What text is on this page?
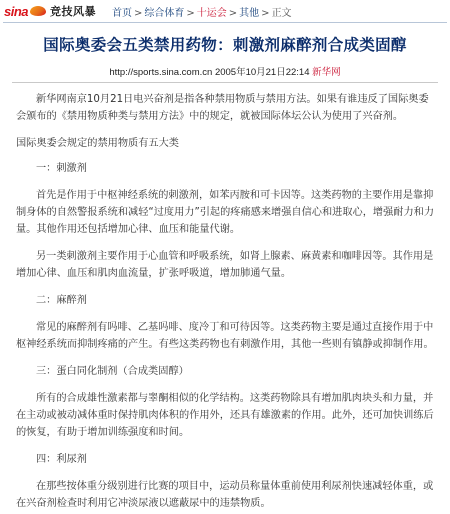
sina 竞技风暴 首页 > 综合体育 > 十运会 > 其他 > 正文
国际奥委会五类禁用药物：刺激剂麻醉剂合成类固醇
http://sports.sina.com.cn 2005年10月21日22:14 新华网

新华网南京10月21日电兴奋剂是指各种禁用物质与禁用方法。如果有谁违反了国际奥委会颁布的《禁用物质种类与禁用方法》中的规定，就被国际体坛公认为使用了兴奋剂。

国际奥委会规定的禁用物质有五大类

一：刺激剂

首先是作用于中枢神经系统的刺激剂，如苯丙胺和可卡因等。这类药物的主要作用是靠抑制身体的自然警报系统和减轻“过度用力”引起的疼痛感来增强自信心和进取心，增强耐力和力量。其他作用还包括增加心律、血压和能量代谢。

另一类刺激剂主要作用于心血管和呼吸系统，如肾上腺素、麻黄素和咖啡因等。其作用是增加心律、血压和肌肉血流量，扩张呼吸道，增加肺通气量。

二：麻醉剂

常见的麻醉剂有吗啡、乙基吗啡、度冷丁和可待因等。这类药物主要是通过直接作用于中枢神经系统而抑制疼痛的产生。有些这类药物也有刺激作用，其他一些则有镇静或抑制作用。

三：蛋白同化制剂（合成类固醇）

所有的合成雄性激素都与睾酮相似的化学结构。这类药物除具有增加肌肉块头和力量，并在主动或被动减体重时保持肌肉体积的作用外，还具有雄激素的作用。此外，还可加快训练后的恢复，有助于增加训练强度和时间。

四：利尿剂

在那些按体重分级别进行比赛的项目中，运动员称量体重前使用利尿剂快速减轻体重，或在兴奋剂检查时利用它冲淡尿液以遮蔽尿中的违禁物质。
